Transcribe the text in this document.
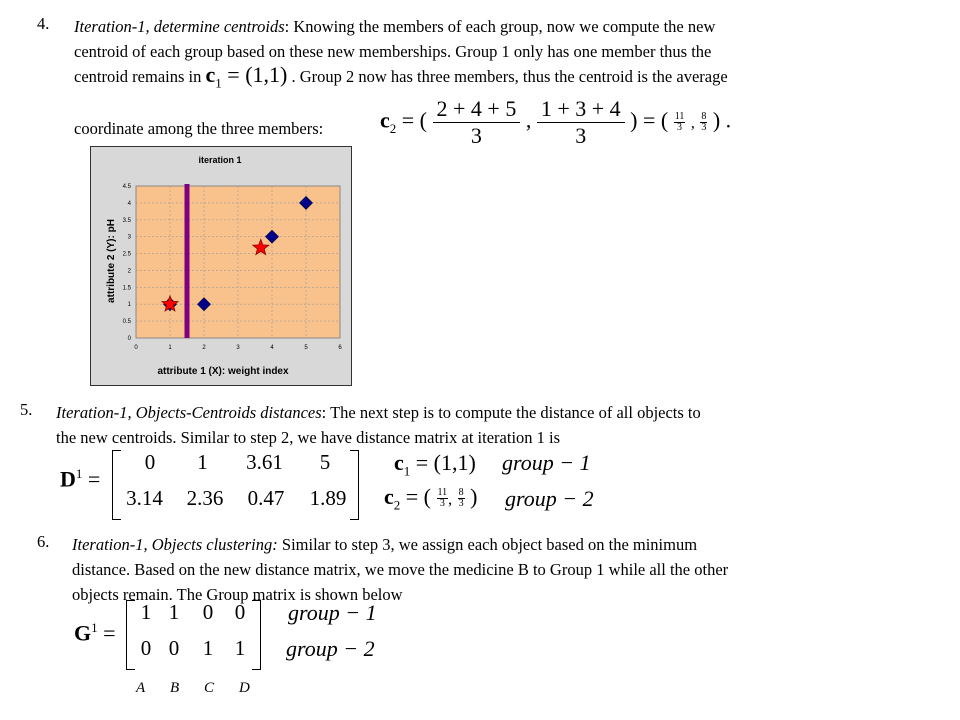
4. Iteration-1, determine centroids: Knowing the members of each group, now we compute the new
centroid of each group based on these new memberships. Group 1 only has one member thus the
centroid remains in $c_1 = (1,1)$ . Group 2 now has three members, thus the centroid is the average
coordinate among the three members:	$c_2$ = ( $\frac{2 + 4 + 5}{3}$ , $\frac{1 + 3 + 4}{3}$ ) = ( $\frac{11}{3}$ , $\frac{8}{3}$ ) .
iteration 1
0	1	2	3	4	5	6
0
0.5
1
1.5
2
2.5
3
3.5
4
4.5
attribute 1 (X): weight index
attribute 2 (Y): pH
5. Iteration-1, Objects-Centroids distances: The next step is to compute the distance of all objects to
the new centroids. Similar to step 2, we have distance matrix at iteration 1 is
$D^1$ =
0	1	3.61	5
3.14	2.36	0.47	1.89
$c_1 = (1,1)$ group − 1
$c_2$ = ( $\frac{11}{3}$, $\frac{8}{3}$ ) group − 2
6. Iteration-1, Objects clustering: Similar to step 3, we assign each object based on the minimum
distance. Based on the new distance matrix, we move the medicine B to Group 1 while all the other
objects remain. The Group matrix is shown below
$G^1$ =
1 1	0	0
0 0	1	1
group − 1
group − 2
A B C D
